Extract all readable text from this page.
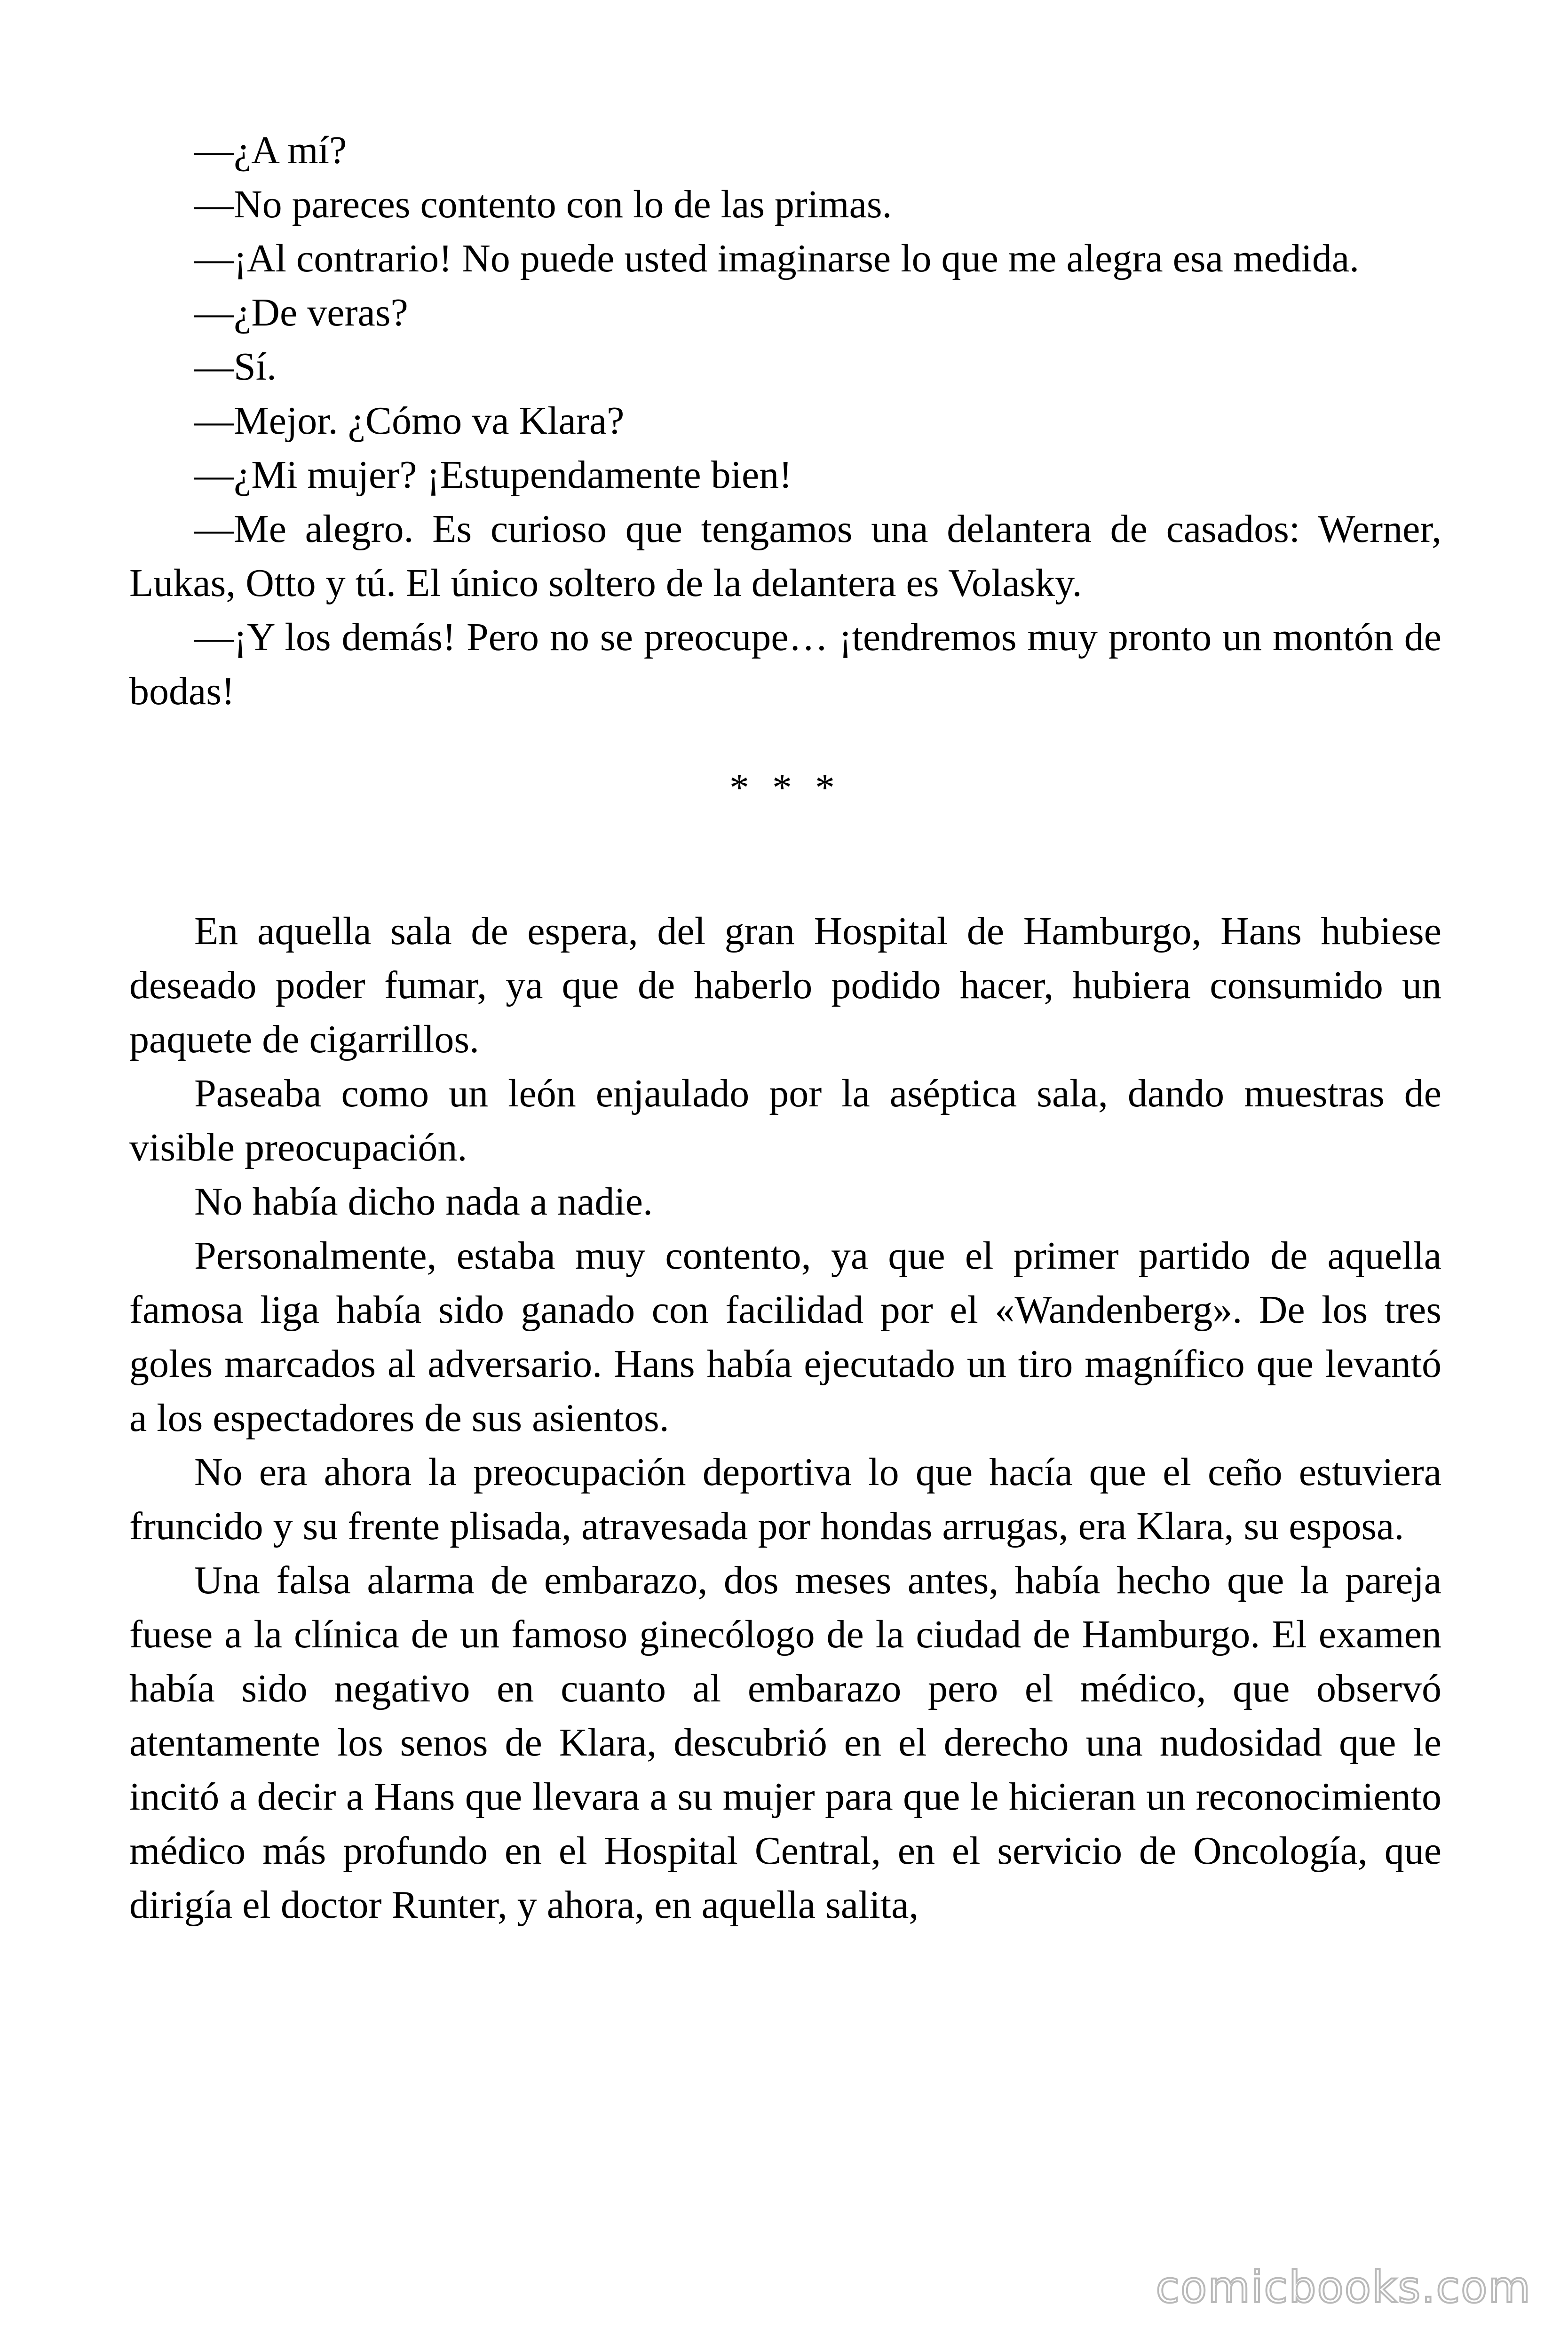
—¿A mí?

—No pareces contento con lo de las primas.

—¡Al contrario! No puede usted imaginarse lo que me alegra esa medida.

—¿De veras?

—Sí.

—Mejor. ¿Cómo va Klara?

—¿Mi mujer? ¡Estupendamente bien!

—Me alegro. Es curioso que tengamos una delantera de casados: Werner, Lukas, Otto y tú. El único soltero de la delantera es Volasky.

—¡Y los demás! Pero no se preocupe… ¡tendremos muy pronto un montón de bodas!

* * *

En aquella sala de espera, del gran Hospital de Hamburgo, Hans hubiese deseado poder fumar, ya que de haberlo podido hacer, hubiera consumido un paquete de cigarrillos.

Paseaba como un león enjaulado por la aséptica sala, dando muestras de visible preocupación.

No había dicho nada a nadie.

Personalmente, estaba muy contento, ya que el primer partido de aquella famosa liga había sido ganado con facilidad por el «Wandenberg». De los tres goles marcados al adversario. Hans había ejecutado un tiro magnífico que levantó a los espectadores de sus asientos.

No era ahora la preocupación deportiva lo que hacía que el ceño estuviera fruncido y su frente plisada, atravesada por hondas arrugas, era Klara, su esposa.

Una falsa alarma de embarazo, dos meses antes, había hecho que la pareja fuese a la clínica de un famoso ginecólogo de la ciudad de Hamburgo. El examen había sido negativo en cuanto al embarazo pero el médico, que observó atentamente los senos de Klara, descubrió en el derecho una nudosidad que le incitó a decir a Hans que llevara a su mujer para que le hicieran un reconocimiento médico más profundo en el Hospital Central, en el servicio de Oncología, que dirigía el doctor Runter, y ahora, en aquella salita,

comicbooks.com
